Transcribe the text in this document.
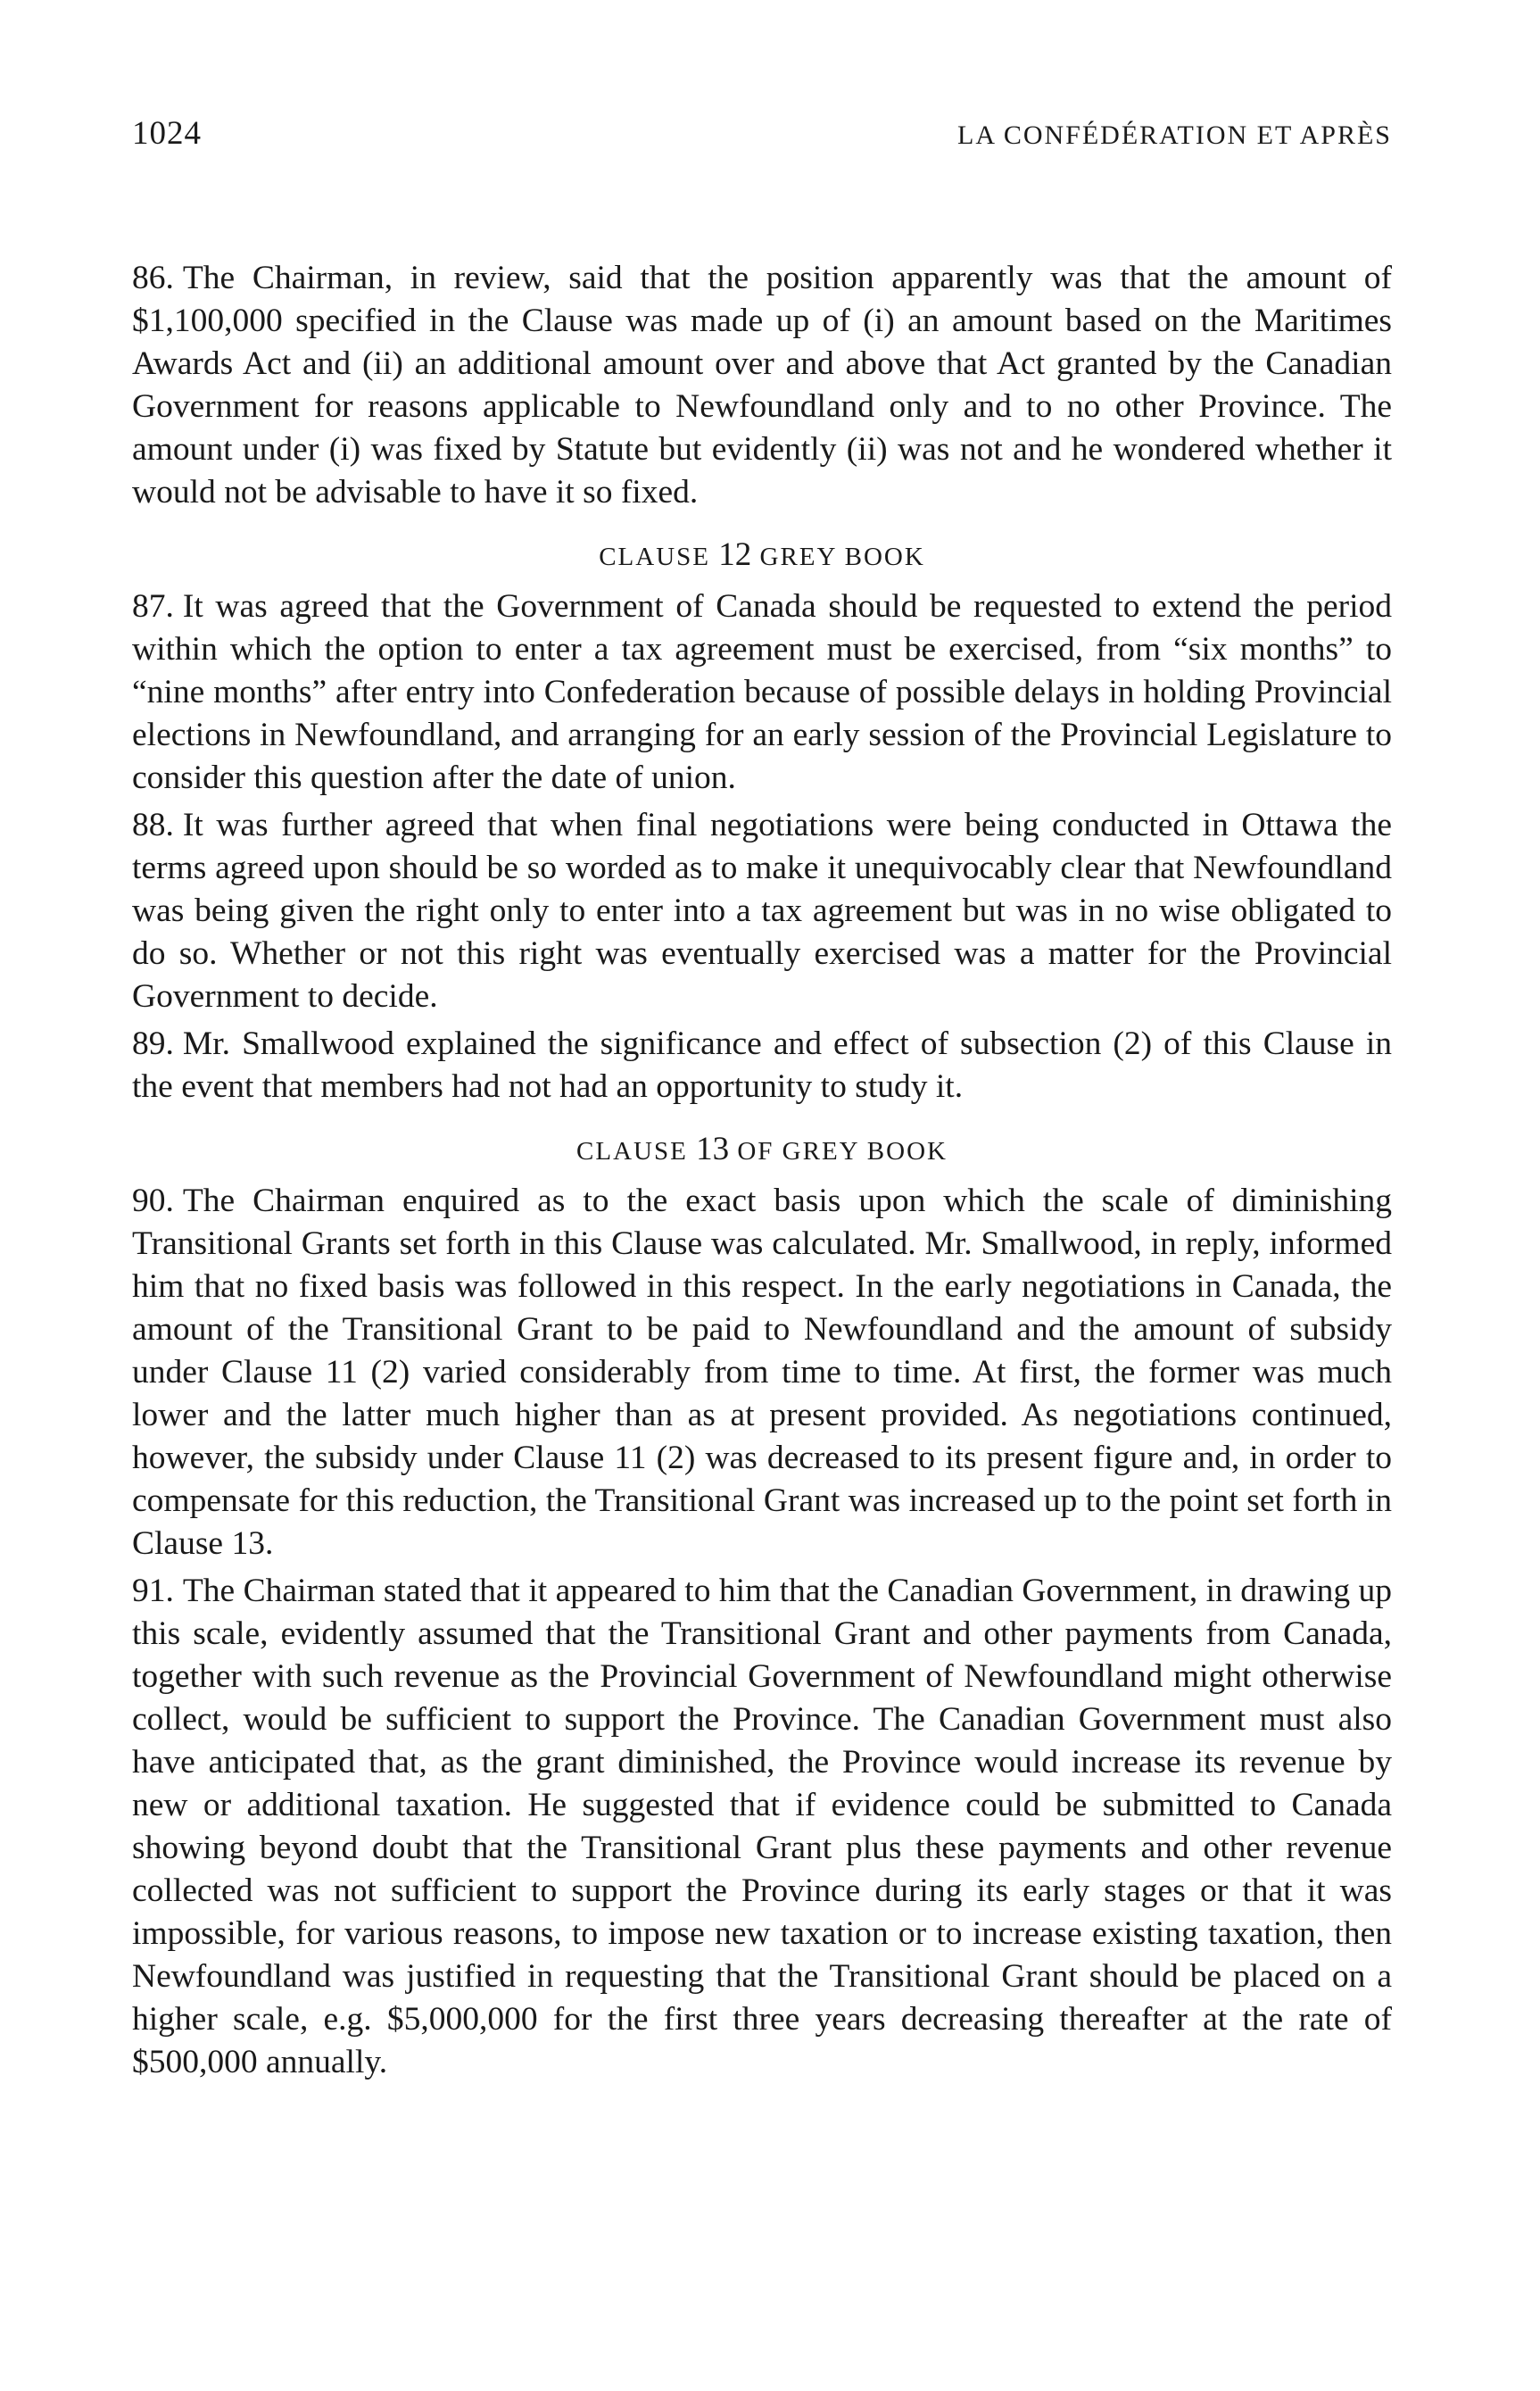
1024	LA CONFÉDÉRATION ET APRÈS

86. The Chairman, in review, said that the position apparently was that the amount of $1,100,000 specified in the Clause was made up of (i) an amount based on the Maritimes Awards Act and (ii) an additional amount over and above that Act granted by the Canadian Government for reasons applicable to Newfoundland only and to no other Province. The amount under (i) was fixed by Statute but evidently (ii) was not and he wondered whether it would not be advisable to have it so fixed.

CLAUSE 12 GREY BOOK

87. It was agreed that the Government of Canada should be requested to extend the period within which the option to enter a tax agreement must be exercised, from “six months” to “nine months” after entry into Confederation because of possible delays in holding Provincial elections in Newfoundland, and arranging for an early session of the Provincial Legislature to consider this question after the date of union.

88. It was further agreed that when final negotiations were being conducted in Ottawa the terms agreed upon should be so worded as to make it unequivocably clear that Newfoundland was being given the right only to enter into a tax agreement but was in no wise obligated to do so. Whether or not this right was eventually exercised was a matter for the Provincial Government to decide.

89. Mr. Smallwood explained the significance and effect of subsection (2) of this Clause in the event that members had not had an opportunity to study it.

CLAUSE 13 OF GREY BOOK

90. The Chairman enquired as to the exact basis upon which the scale of diminishing Transitional Grants set forth in this Clause was calculated. Mr. Smallwood, in reply, informed him that no fixed basis was followed in this respect. In the early negotiations in Canada, the amount of the Transitional Grant to be paid to Newfoundland and the amount of subsidy under Clause 11 (2) varied considerably from time to time. At first, the former was much lower and the latter much higher than as at present provided. As negotiations continued, however, the subsidy under Clause 11 (2) was decreased to its present figure and, in order to compensate for this reduction, the Transitional Grant was increased up to the point set forth in Clause 13.

91. The Chairman stated that it appeared to him that the Canadian Government, in drawing up this scale, evidently assumed that the Transitional Grant and other payments from Canada, together with such revenue as the Provincial Government of Newfoundland might otherwise collect, would be sufficient to support the Province. The Canadian Government must also have anticipated that, as the grant diminished, the Province would increase its revenue by new or additional taxation. He suggested that if evidence could be submitted to Canada showing beyond doubt that the Transitional Grant plus these payments and other revenue collected was not sufficient to support the Province during its early stages or that it was impossible, for various reasons, to impose new taxation or to increase existing taxation, then Newfoundland was justified in requesting that the Transitional Grant should be placed on a higher scale, e.g. $5,000,000 for the first three years decreasing thereafter at the rate of $500,000 annually.
